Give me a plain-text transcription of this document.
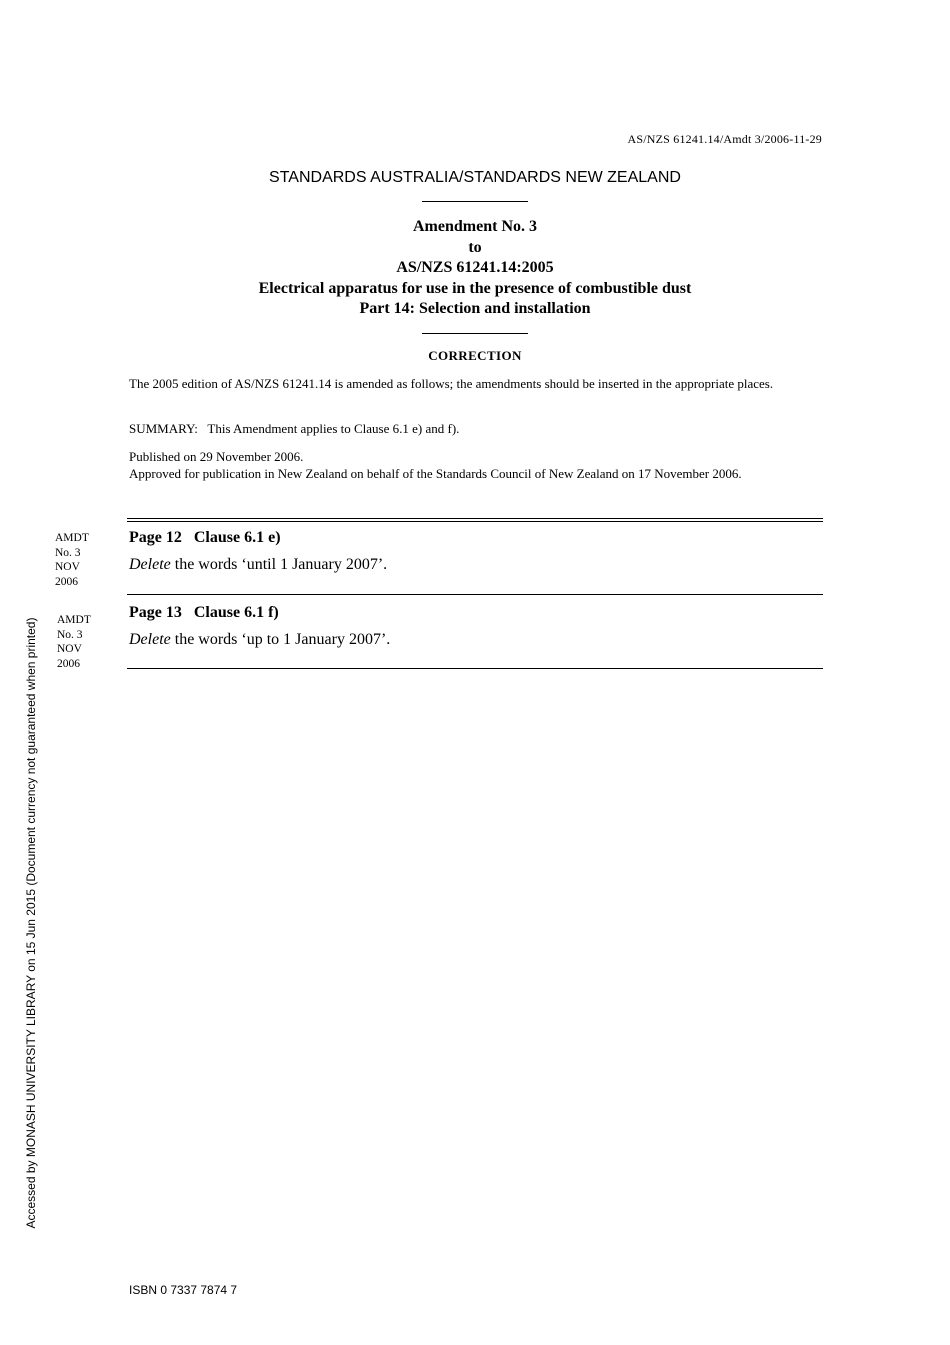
AS/NZS 61241.14/Amdt 3/2006-11-29
STANDARDS AUSTRALIA/STANDARDS NEW ZEALAND
Amendment No. 3
to
AS/NZS 61241.14:2005
Electrical apparatus for use in the presence of combustible dust
Part 14: Selection and installation
CORRECTION
The 2005 edition of AS/NZS 61241.14 is amended as follows; the amendments should be inserted in the appropriate places.
SUMMARY:   This Amendment applies to Clause 6.1 e) and f).
Published on 29 November 2006.
Approved for publication in New Zealand on behalf of the Standards Council of New Zealand on 17 November 2006.
AMDT
No. 3
NOV
2006
Page 12   Clause 6.1 e)
Delete the words ‘until 1 January 2007’.
AMDT
No. 3
NOV
2006
Page 13   Clause 6.1 f)
Delete the words ‘up to 1 January 2007’.
Accessed by MONASH UNIVERSITY LIBRARY on 15 Jun 2015 (Document currency not guaranteed when printed)
ISBN 0 7337 7874 7
